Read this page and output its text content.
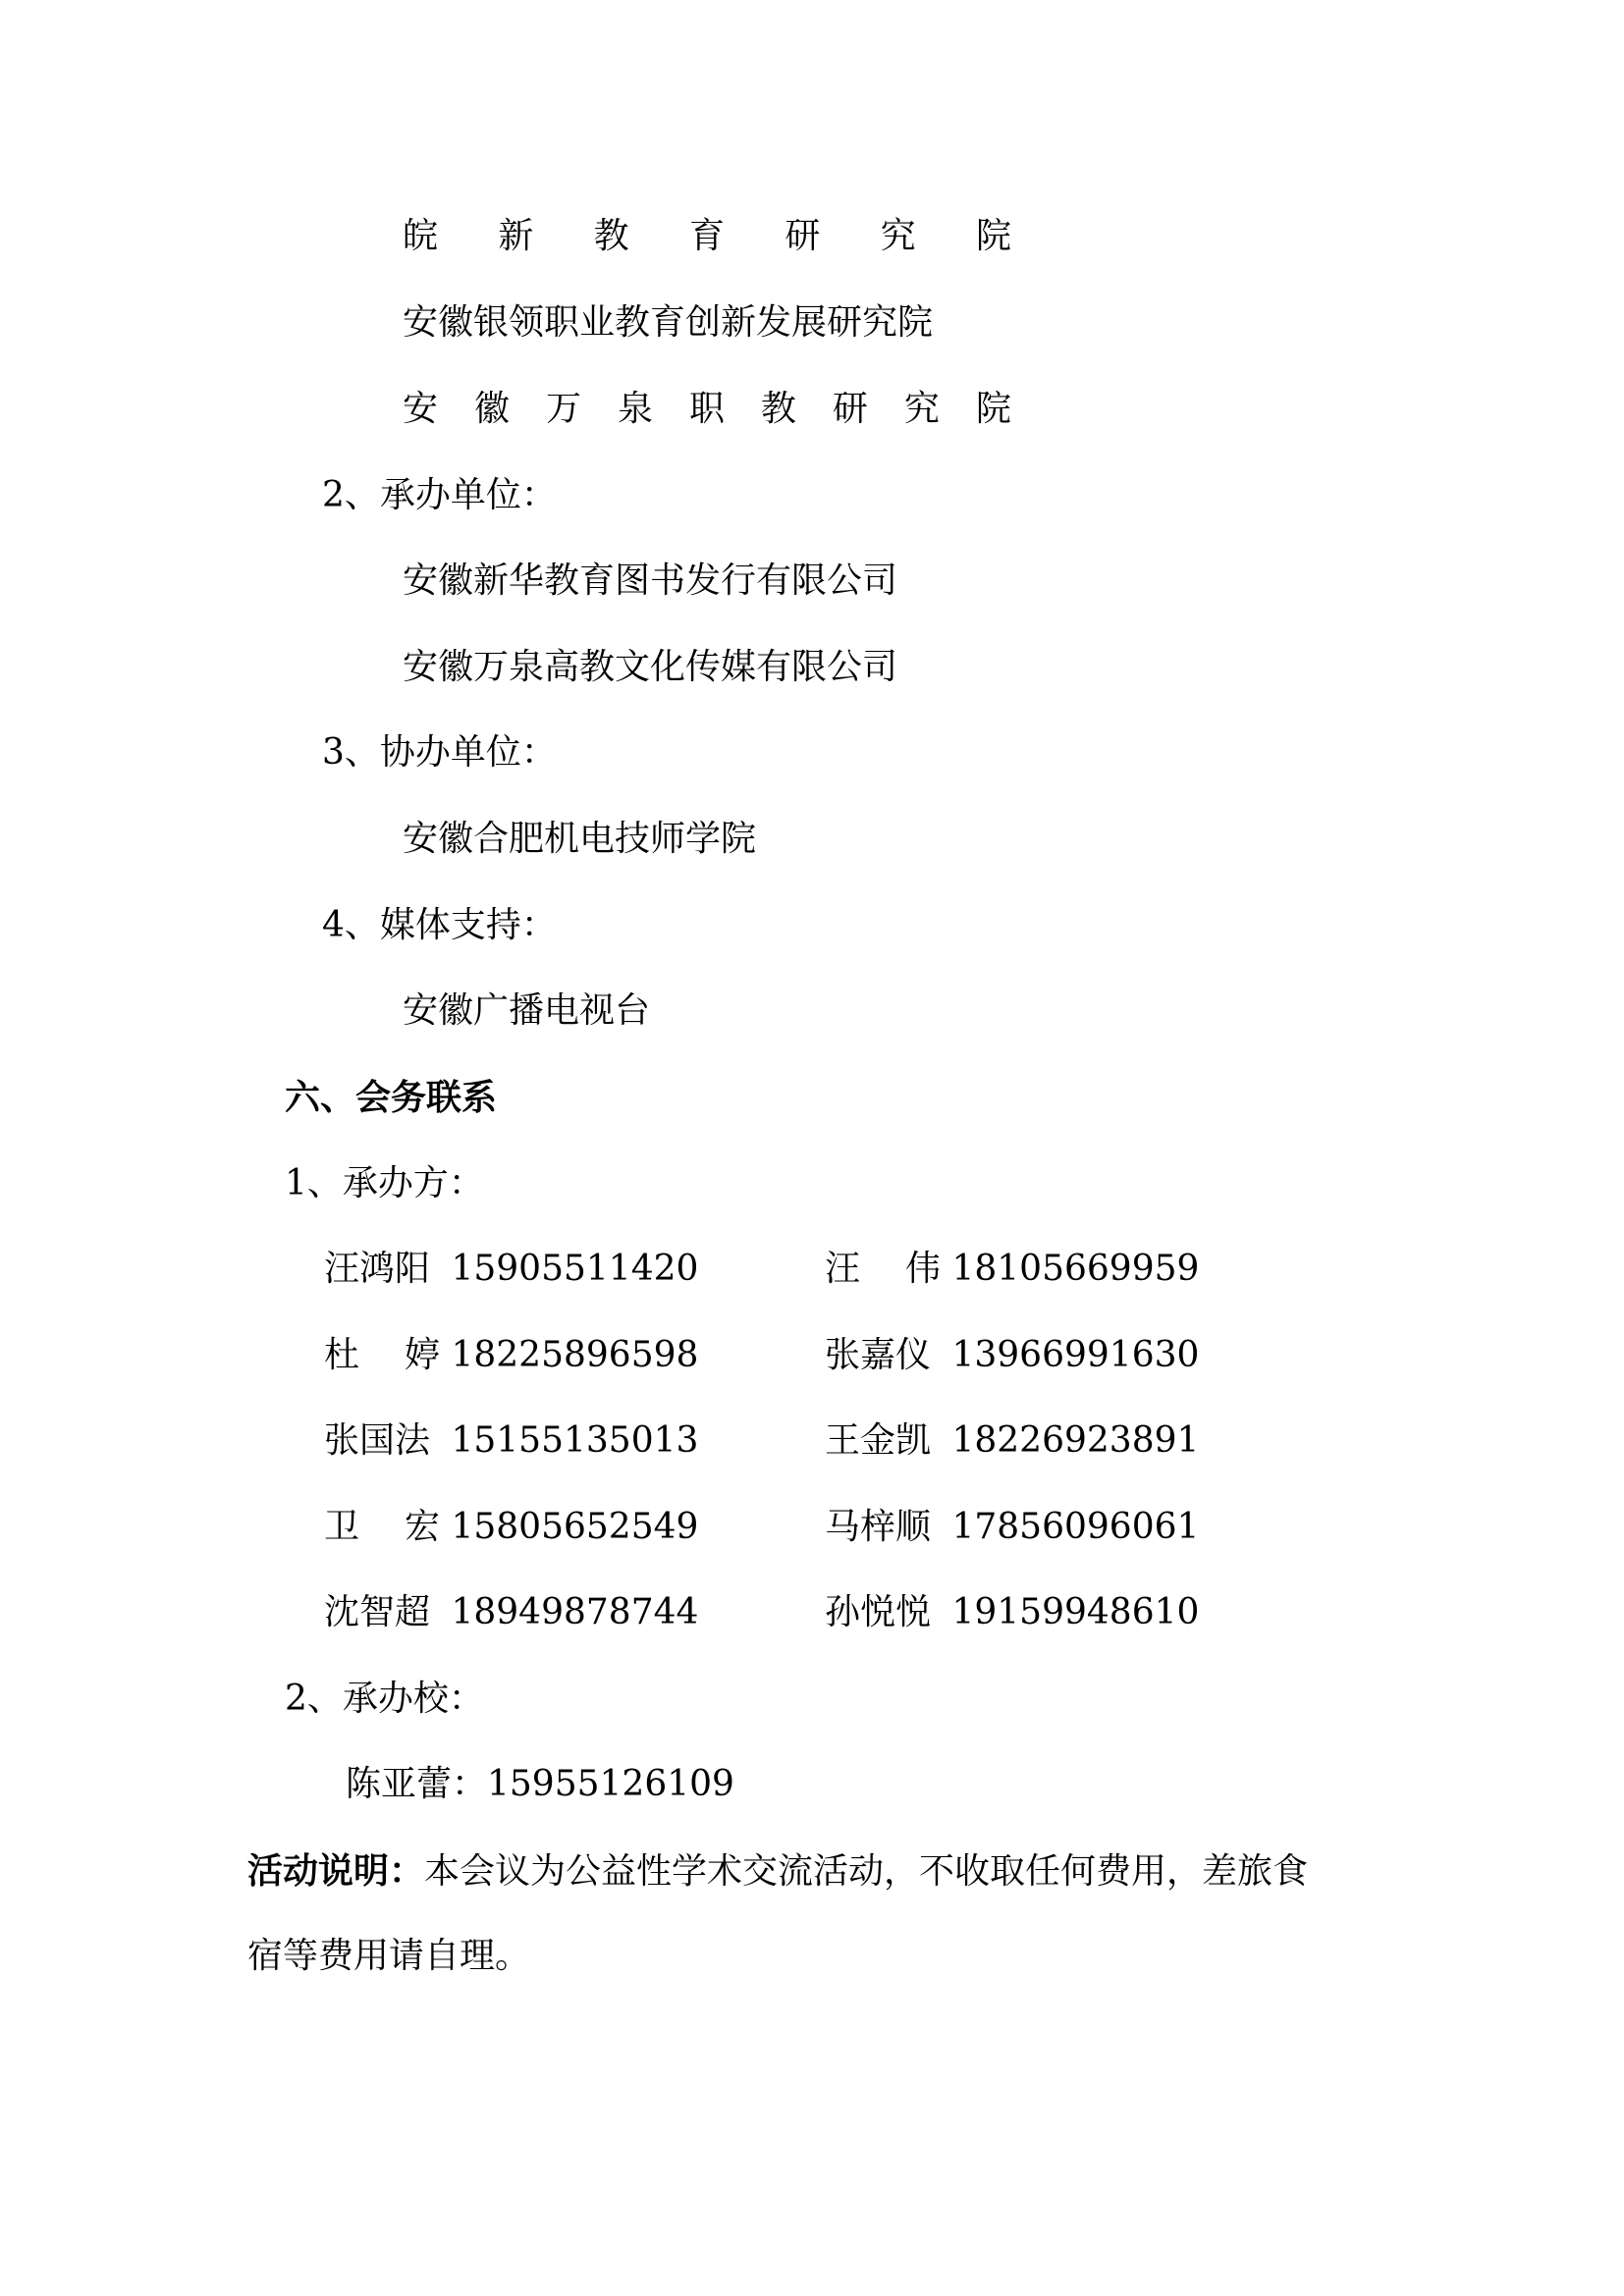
皖 新 教 育 研 究 院
安徽银领职业教育创新发展研究院
安 徽 万 泉 职 教 研 究 院
2、承办单位：
安徽新华教育图书发行有限公司
安徽万泉高教文化传媒有限公司
3、协办单位：
安徽合肥机电技师学院
4、媒体支持：
安徽广播电视台
六、会务联系
1、承办方：
汪鸿阳 15905511420	汪 伟 18105669959
杜 婷 18225896598	张嘉仪 13966991630
张国法 15155135013	王金凯 18226923891
卫 宏 15805652549	马梓顺 17856096061
沈智超 18949878744	孙悦悦 19159948610
2、承办校：
陈亚蕾：15955126109
活动说明：本会议为公益性学术交流活动，不收取任何费用，差旅食
宿等费用请自理。
